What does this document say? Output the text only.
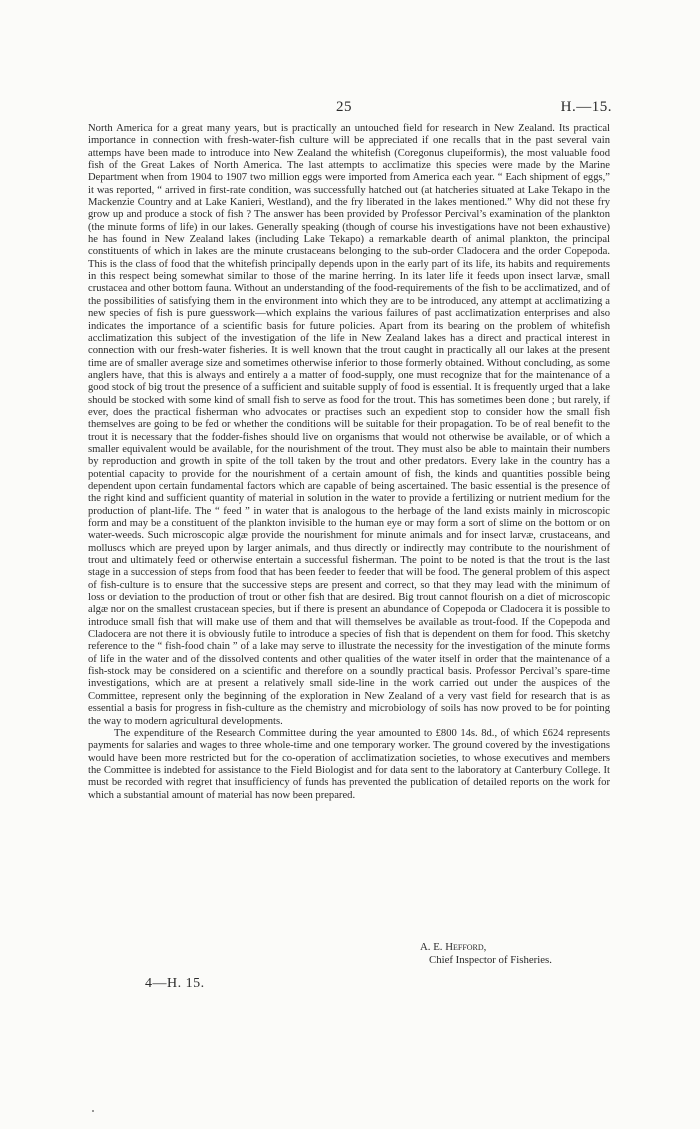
25	H.—15.

North America for a great many years, but is practically an untouched field for research in New Zealand. Its practical importance in connection with fresh-water-fish culture will be appreciated if one recalls that in the past several vain attemps have been made to introduce into New Zealand the whitefish (Coregonus clupeiformis), the most valuable food fish of the Great Lakes of North America. The last attempts to acclimatize this species were made by the Marine Department when from 1904 to 1907 two million eggs were imported from America each year. “ Each shipment of eggs,” it was reported, “ arrived in first-rate condition, was successfully hatched out (at hatcheries situated at Lake Tekapo in the Mackenzie Country and at Lake Kanieri, Westland), and the fry liberated in the lakes mentioned.” Why did not these fry grow up and produce a stock of fish ? The answer has been provided by Professor Percival’s examination of the plankton (the minute forms of life) in our lakes. Generally speaking (though of course his investigations have not been exhaustive) he has found in New Zealand lakes (including Lake Tekapo) a remarkable dearth of animal plankton, the principal constituents of which in lakes are the minute crustaceans belonging to the sub-order Cladocera and the order Copepoda. This is the class of food that the whitefish principally depends upon in the early part of its life, its habits and requirements in this respect being somewhat similar to those of the marine herring. In its later life it feeds upon insect larvæ, small crustacea and other bottom fauna. Without an understanding of the food-requirements of the fish to be acclimatized, and of the possibilities of satisfying them in the environment into which they are to be introduced, any attempt at acclimatizing a new species of fish is pure guesswork—which explains the various failures of past acclimatization enterprises and also indicates the importance of a scientific basis for future policies. Apart from its bearing on the problem of whitefish acclimatization this subject of the investigation of the life in New Zealand lakes has a direct and practical interest in connection with our fresh-water fisheries. It is well known that the trout caught in practically all our lakes at the present time are of smaller average size and sometimes otherwise inferior to those formerly obtained. Without concluding, as some anglers have, that this is always and entirely a a matter of food-supply, one must recognize that for the maintenance of a good stock of big trout the presence of a sufficient and suitable supply of food is essential. It is frequently urged that a lake should be stocked with some kind of small fish to serve as food for the trout. This has sometimes been done ; but rarely, if ever, does the practical fisherman who advocates or practises such an expedient stop to consider how the small fish themselves are going to be fed or whether the conditions will be suitable for their propagation. To be of real benefit to the trout it is necessary that the fodder-fishes should live on organisms that would not otherwise be available, or of which a smaller equivalent would be available, for the nourishment of the trout. They must also be able to maintain their numbers by reproduction and growth in spite of the toll taken by the trout and other predators. Every lake in the country has a potential capacity to provide for the nourishment of a certain amount of fish, the kinds and quantities possible being dependent upon certain fundamental factors which are capable of being ascertained. The basic essential is the presence of the right kind and sufficient quantity of material in solution in the water to provide a fertilizing or nutrient medium for the production of plant-life. The “ feed ” in water that is analogous to the herbage of the land exists mainly in microscopic form and may be a constituent of the plankton invisible to the human eye or may form a sort of slime on the bottom or on water-weeds. Such microscopic algæ provide the nourishment for minute animals and for insect larvæ, crustaceans, and molluscs which are preyed upon by larger animals, and thus directly or indirectly may contribute to the nourishment of trout and ultimately feed or otherwise entertain a successful fisherman. The point to be noted is that the trout is the last stage in a succession of steps from food that has been feeder to feeder that will be food. The general problem of this aspect of fish-culture is to ensure that the successive steps are present and correct, so that they may lead with the minimum of loss or deviation to the production of trout or other fish that are desired. Big trout cannot flourish on a diet of microscopic algæ nor on the smallest crustacean species, but if there is present an abundance of Copepoda or Cladocera it is possible to introduce small fish that will make use of them and that will themselves be available as trout-food. If the Copepoda and Cladocera are not there it is obviously futile to introduce a species of fish that is dependent on them for food. This sketchy reference to the “ fish-food chain ” of a lake may serve to illustrate the necessity for the investigation of the minute forms of life in the water and of the dissolved contents and other qualities of the water itself in order that the maintenance of a fish-stock may be considered on a scientific and therefore on a soundly practical basis. Professor Percival’s spare-time investigations, which are at present a relatively small side-line in the work carried out under the auspices of the Committee, represent only the beginning of the exploration in New Zealand of a very vast field for research that is as essential a basis for progress in fish-culture as the chemistry and microbiology of soils has now proved to be for pointing the way to modern agricultural developments.

The expenditure of the Research Committee during the year amounted to £800 14s. 8d., of which £624 represents payments for salaries and wages to three whole-time and one temporary worker. The ground covered by the investigations would have been more restricted but for the co-operation of acclimatization societies, to whose executives and members the Committee is indebted for assistance to the Field Biologist and for data sent to the laboratory at Canterbury College. It must be recorded with regret that insufficiency of funds has prevented the publication of detailed reports on the work for which a substantial amount of material has now been prepared.

A. E. Hefford,
Chief Inspector of Fisheries.
4—H. 15.
